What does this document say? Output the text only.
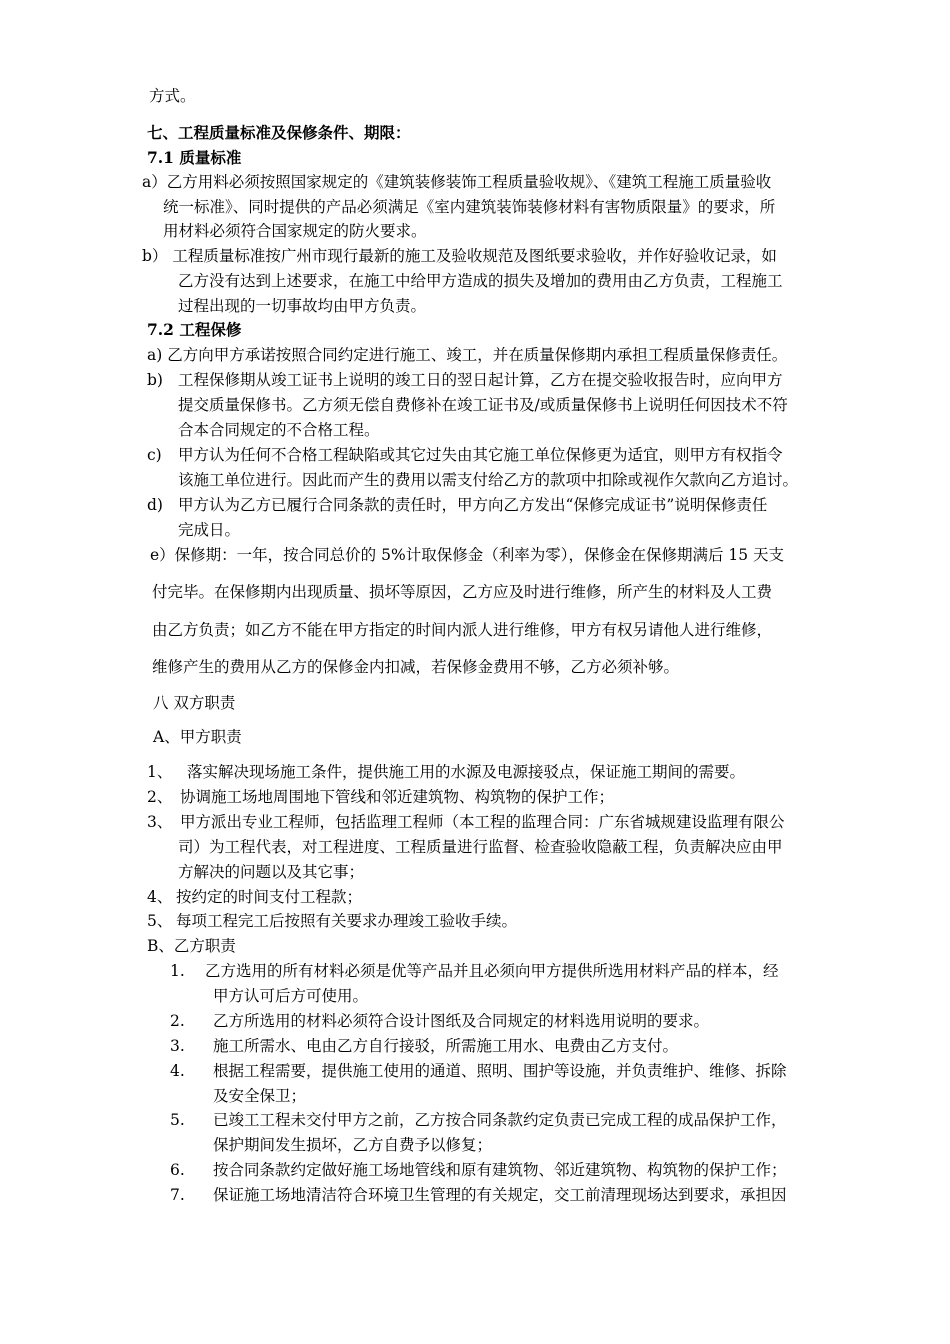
方式。
七、工程质量标准及保修条件、期限：
7.1 质量标准
a）乙方用料必须按照国家规定的《建筑装修装饰工程质量验收规》、《建筑工程施工质量验收
统一标准》、同时提供的产品必须满足《室内建筑装饰装修材料有害物质限量》的要求，所
用材料必须符合国家规定的防火要求。
b） 工程质量标准按广州市现行最新的施工及验收规范及图纸要求验收，并作好验收记录，如
乙方没有达到上述要求，在施工中给甲方造成的损失及增加的费用由乙方负责，工程施工
过程出现的一切事故均由甲方负责。
7.2 工程保修
a) 乙方向甲方承诺按照合同约定进行施工、竣工，并在质量保修期内承担工程质量保修责任。
b) 工程保修期从竣工证书上说明的竣工日的翌日起计算，乙方在提交验收报告时，应向甲方
提交质量保修书。乙方须无偿自费修补在竣工证书及/或质量保修书上说明任何因技术不符
合本合同规定的不合格工程。
c) 甲方认为任何不合格工程缺陷或其它过失由其它施工单位保修更为适宜，则甲方有权指令
该施工单位进行。因此而产生的费用以需支付给乙方的款项中扣除或视作欠款向乙方追讨。
d) 甲方认为乙方已履行合同条款的责任时，甲方向乙方发出“保修完成证书”说明保修责任
完成日。
e）保修期：一年，按合同总价的 5%计取保修金（利率为零），保修金在保修期满后 15 天支
付完毕。在保修期内出现质量、损坏等原因，乙方应及时进行维修，所产生的材料及人工费
由乙方负责；如乙方不能在甲方指定的时间内派人进行维修，甲方有权另请他人进行维修，
维修产生的费用从乙方的保修金内扣减，若保修金费用不够，乙方必须补够。
八 双方职责
A、甲方职责
1、 落实解决现场施工条件，提供施工用的水源及电源接驳点，保证施工期间的需要。
2、 协调施工场地周围地下管线和邻近建筑物、构筑物的保护工作；
3、 甲方派出专业工程师，包括监理工程师（本工程的监理合同：广东省城规建设监理有限公
司）为工程代表，对工程进度、工程质量进行监督、检查验收隐蔽工程，负责解决应由甲
方解决的问题以及其它事；
4、 按约定的时间支付工程款；
5、 每项工程完工后按照有关要求办理竣工验收手续。
B、乙方职责
1. 乙方选用的所有材料必须是优等产品并且必须向甲方提供所选用材料产品的样本，经
甲方认可后方可使用。
2. 乙方所选用的材料必须符合设计图纸及合同规定的材料选用说明的要求。
3. 施工所需水、电由乙方自行接驳，所需施工用水、电费由乙方支付。
4. 根据工程需要，提供施工使用的通道、照明、围护等设施，并负责维护、维修、拆除
及安全保卫；
5. 已竣工工程未交付甲方之前，乙方按合同条款约定负责已完成工程的成品保护工作，
保护期间发生损坏，乙方自费予以修复；
6. 按合同条款约定做好施工场地管线和原有建筑物、邻近建筑物、构筑物的保护工作；
7. 保证施工场地清洁符合环境卫生管理的有关规定，交工前清理现场达到要求，承担因
